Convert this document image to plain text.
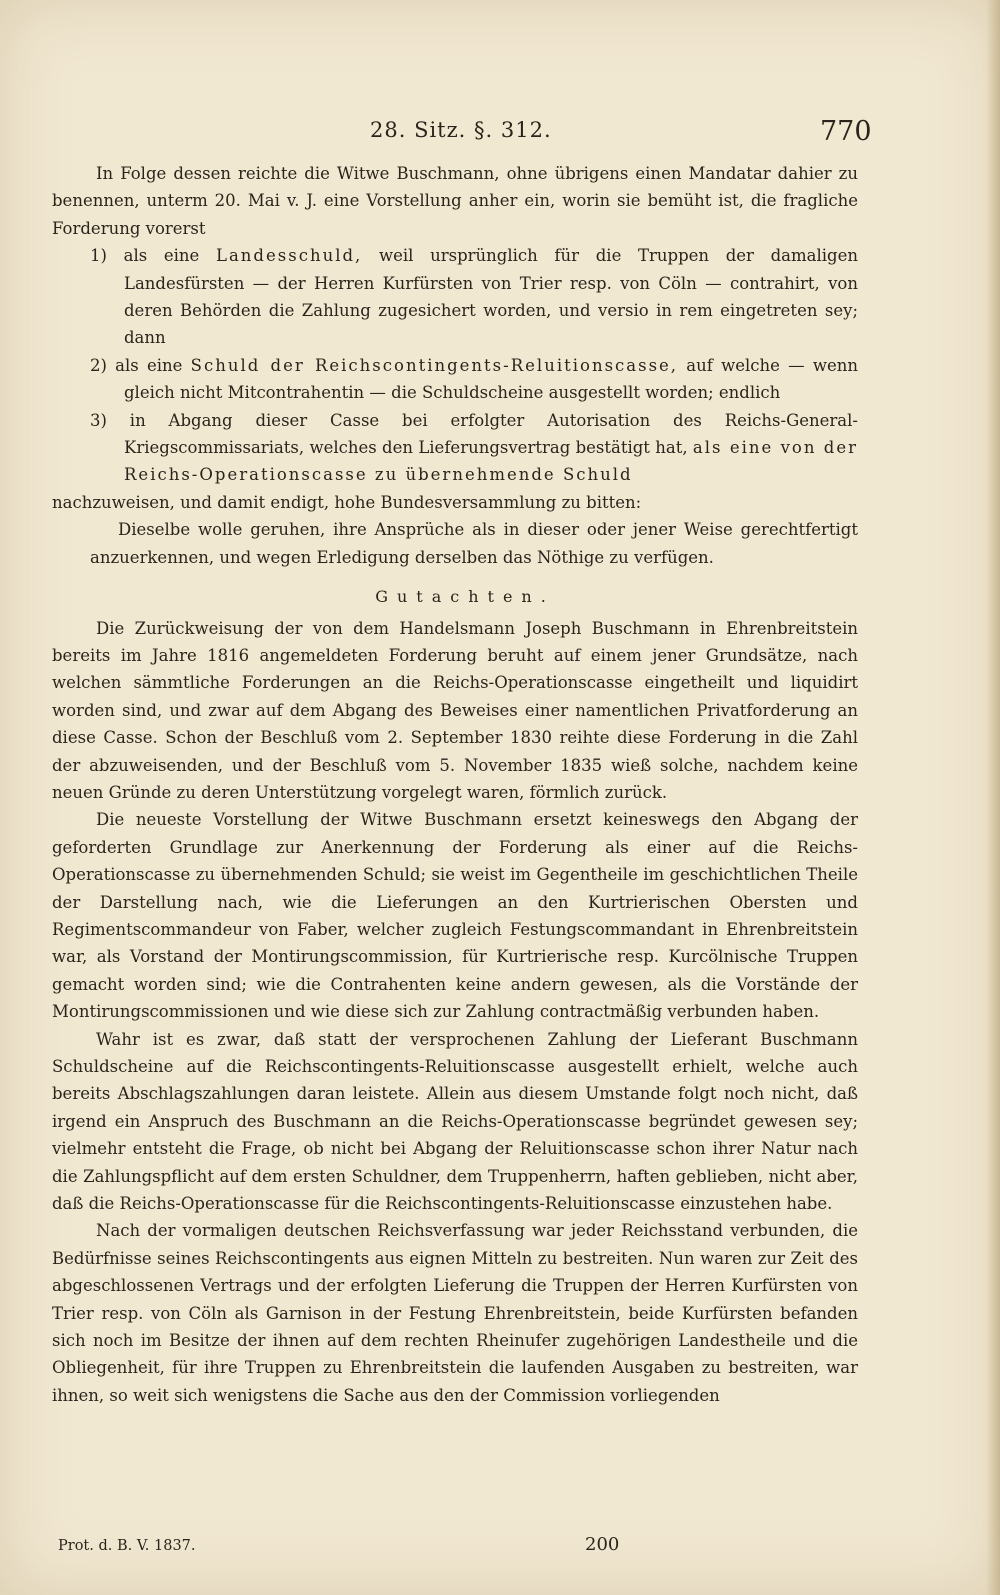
28. Sitz. §. 312.	770

In Folge dessen reichte die Witwe Buschmann, ohne übrigens einen Mandatar dahier zu benennen, unterm 20. Mai v. J. eine Vorstellung anher ein, worin sie bemüht ist, die fragliche Forderung vorerst

1) als eine Landesschuld, weil ursprünglich für die Truppen der damaligen Landesfürsten — der Herren Kurfürsten von Trier resp. von Cöln — contrahirt, von deren Behörden die Zahlung zugesichert worden, und versio in rem eingetreten sey; dann

2) als eine Schuld der Reichscontingents-Reluitionscasse, auf welche — wenn gleich nicht Mitcontrahentin — die Schuldscheine ausgestellt worden; endlich

3) in Abgang dieser Casse bei erfolgter Autorisation des Reichs-General-Kriegscommissariats, welches den Lieferungsvertrag bestätigt hat, als eine von der Reichs-Operationscasse zu übernehmende Schuld

nachzuweisen, und damit endigt, hohe Bundesversammlung zu bitten:

Dieselbe wolle geruhen, ihre Ansprüche als in dieser oder jener Weise gerechtfertigt anzuerkennen, und wegen Erledigung derselben das Nöthige zu verfügen.

Gutachten.

Die Zurückweisung der von dem Handelsmann Joseph Buschmann in Ehrenbreitstein bereits im Jahre 1816 angemeldeten Forderung beruht auf einem jener Grundsätze, nach welchen sämmtliche Forderungen an die Reichs-Operationscasse eingetheilt und liquidirt worden sind, und zwar auf dem Abgang des Beweises einer namentlichen Privatforderung an diese Casse. Schon der Beschluß vom 2. September 1830 reihte diese Forderung in die Zahl der abzuweisenden, und der Beschluß vom 5. November 1835 wieß solche, nachdem keine neuen Gründe zu deren Unterstützung vorgelegt waren, förmlich zurück.

Die neueste Vorstellung der Witwe Buschmann ersetzt keineswegs den Abgang der geforderten Grundlage zur Anerkennung der Forderung als einer auf die Reichs-Operationscasse zu übernehmenden Schuld; sie weist im Gegentheile im geschichtlichen Theile der Darstellung nach, wie die Lieferungen an den Kurtrierischen Obersten und Regimentscommandeur von Faber, welcher zugleich Festungscommandant in Ehrenbreitstein war, als Vorstand der Montirungscommission, für Kurtrierische resp. Kurcölnische Truppen gemacht worden sind; wie die Contrahenten keine andern gewesen, als die Vorstände der Montirungscommissionen und wie diese sich zur Zahlung contractmäßig verbunden haben.

Wahr ist es zwar, daß statt der versprochenen Zahlung der Lieferant Buschmann Schuldscheine auf die Reichscontingents-Reluitionscasse ausgestellt erhielt, welche auch bereits Abschlagszahlungen daran leistete. Allein aus diesem Umstande folgt noch nicht, daß irgend ein Anspruch des Buschmann an die Reichs-Operationscasse begründet gewesen sey; vielmehr entsteht die Frage, ob nicht bei Abgang der Reluitionscasse schon ihrer Natur nach die Zahlungspflicht auf dem ersten Schuldner, dem Truppenherrn, haften geblieben, nicht aber, daß die Reichs-Operationscasse für die Reichscontingents-Reluitionscasse einzustehen habe.

Nach der vormaligen deutschen Reichsverfassung war jeder Reichsstand verbunden, die Bedürfnisse seines Reichscontingents aus eignen Mitteln zu bestreiten. Nun waren zur Zeit des abgeschlossenen Vertrags und der erfolgten Lieferung die Truppen der Herren Kurfürsten von Trier resp. von Cöln als Garnison in der Festung Ehrenbreitstein, beide Kurfürsten befanden sich noch im Besitze der ihnen auf dem rechten Rheinufer zugehörigen Landestheile und die Obliegenheit, für ihre Truppen zu Ehrenbreitstein die laufenden Ausgaben zu bestreiten, war ihnen, so weit sich wenigstens die Sache aus den der Commission vorliegenden

Prot. d. B. V. 1837.	200
